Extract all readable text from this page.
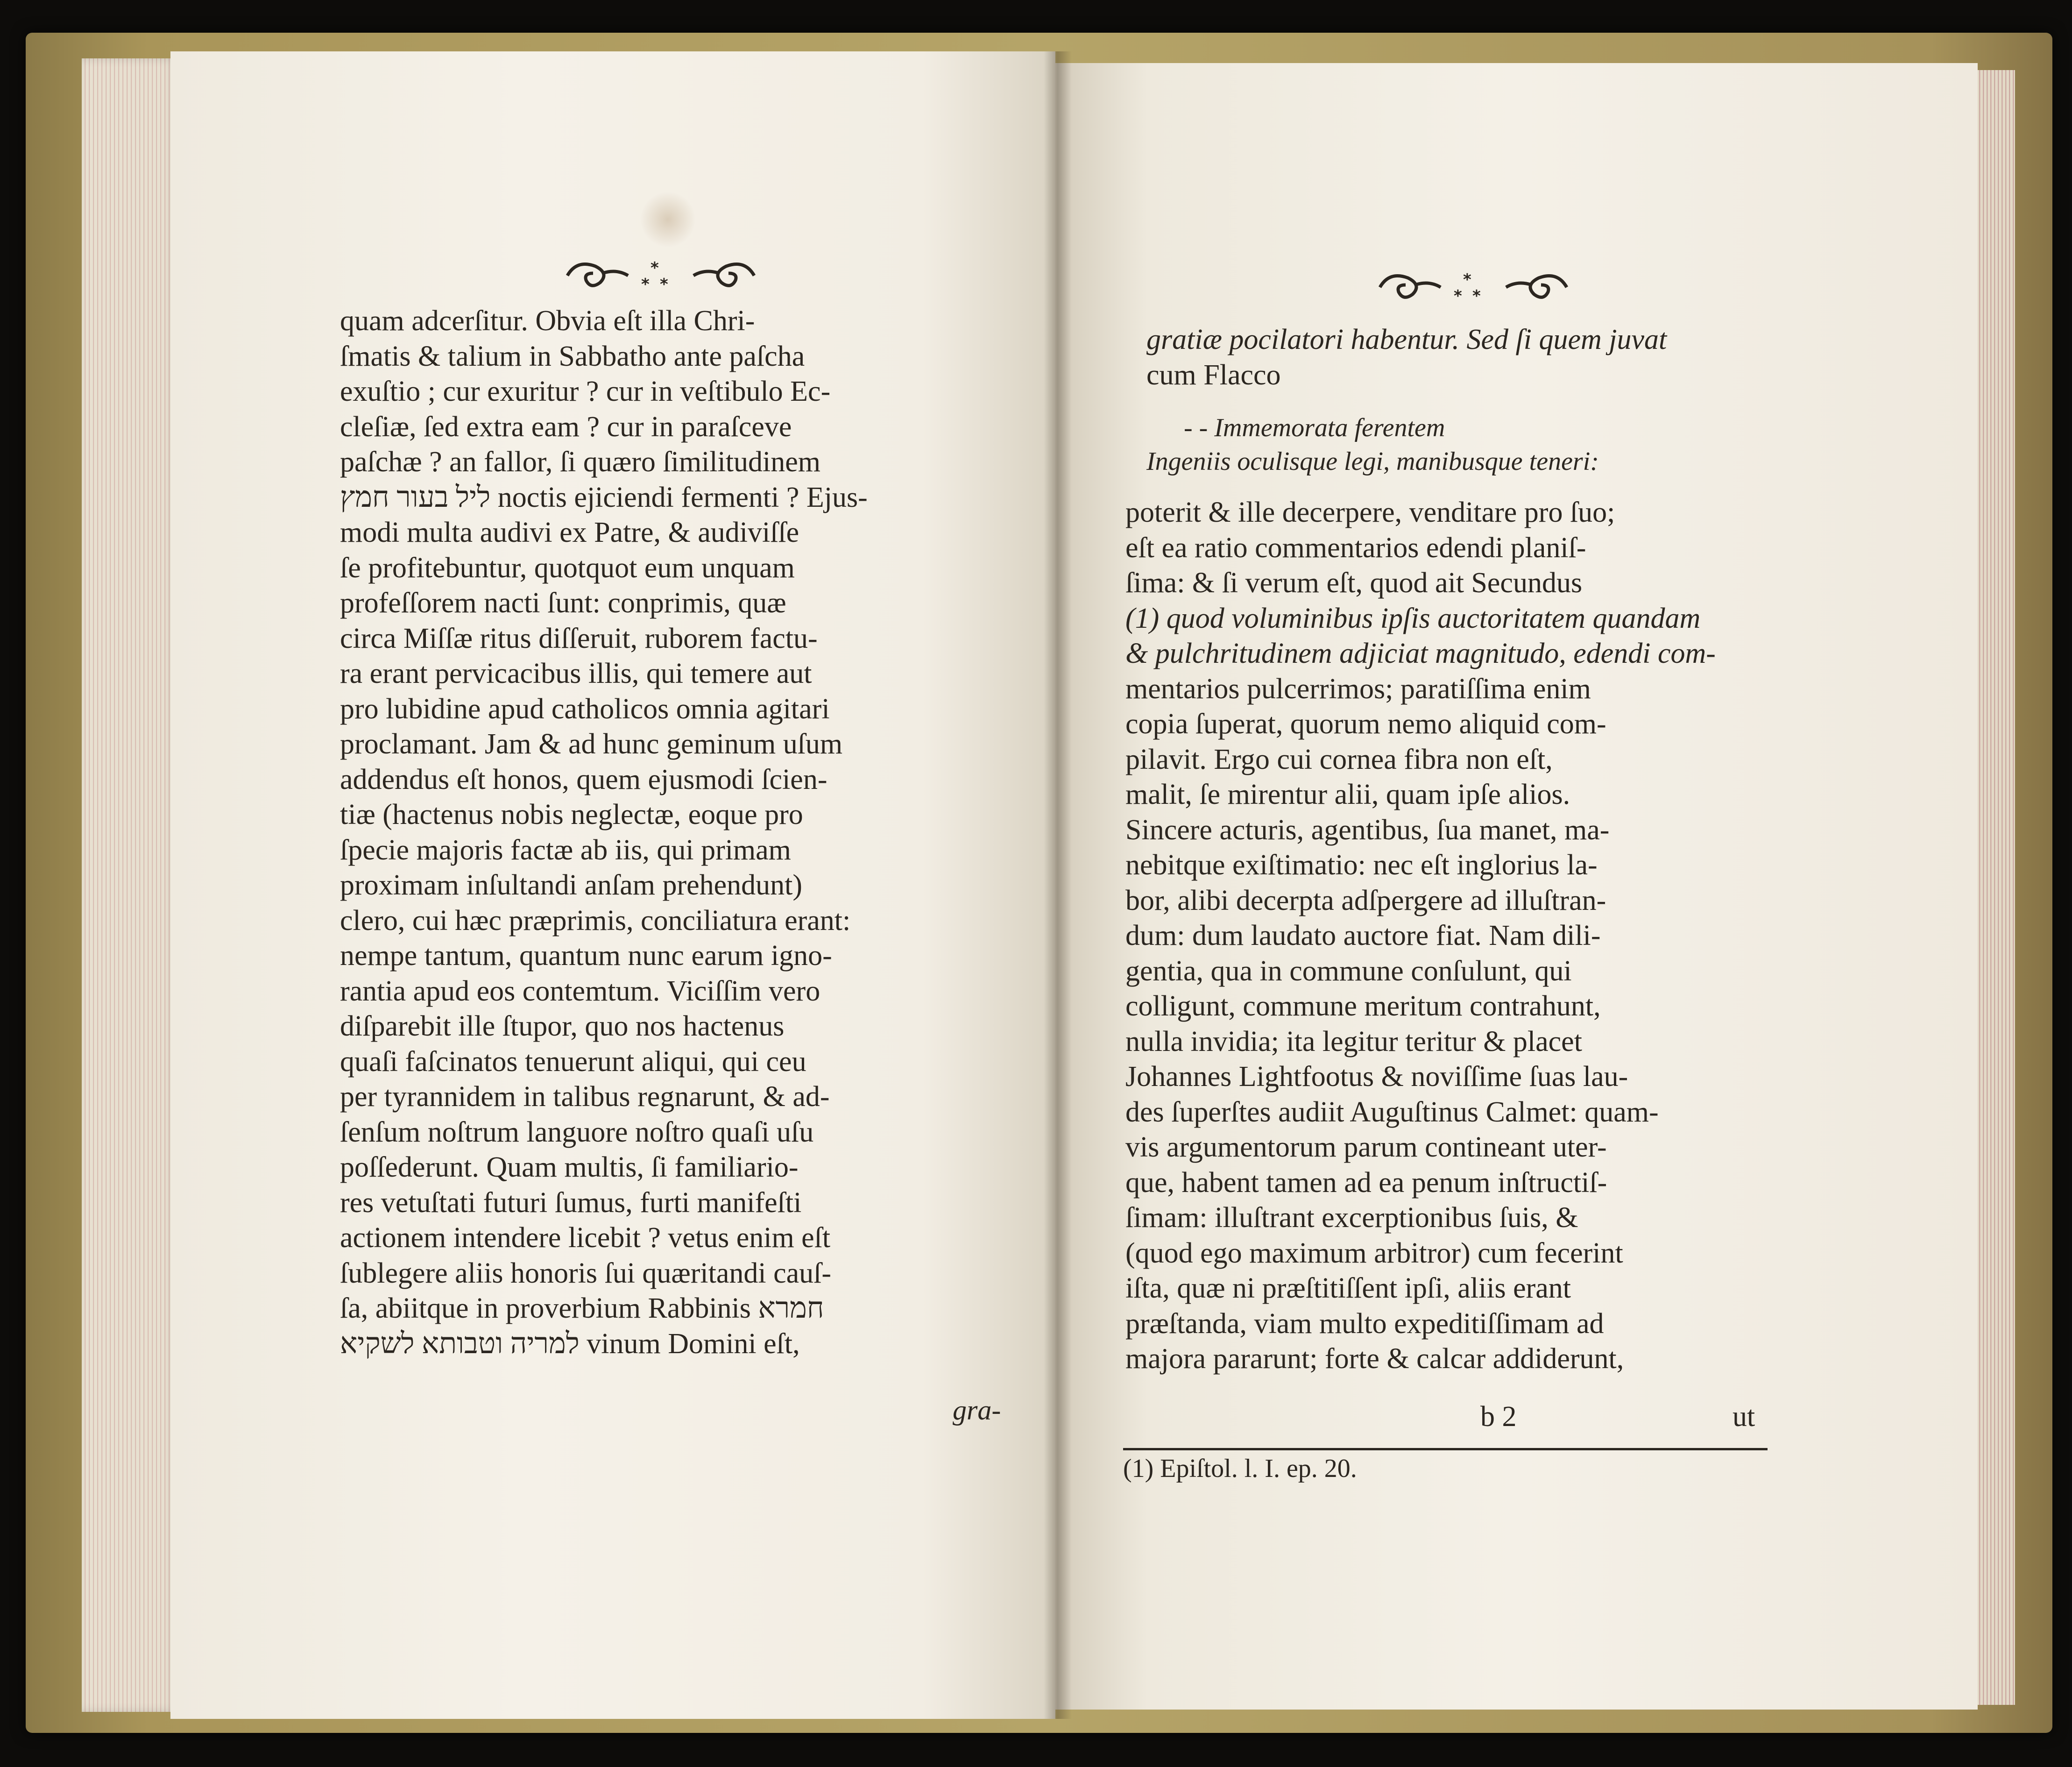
*
* *	*
* *
quam adcerſitur. Obvia eſt illa Chri-
ſmatis & talium in Sabbatho ante paſcha
exuſtio ; cur exuritur ? cur in veſtibulo Ec-
cleſiæ, ſed extra eam ? cur in paraſceve
paſchæ ? an fallor, ſi quæro ſimilitudinem
ליל בעור חמץ noctis ejiciendi fermenti ? Ejus-
modi multa audivi ex Patre, & audiviſſe
ſe profitebuntur, quotquot eum unquam
profeſſorem nacti ſunt: conprimis, quæ
circa Miſſæ ritus diſſeruit, ruborem factu-
ra erant pervicacibus illis, qui temere aut
pro lubidine apud catholicos omnia agitari
proclamant. Jam & ad hunc geminum uſum
addendus eſt honos, quem ejusmodi ſcien-
tiæ (hactenus nobis neglectæ, eoque pro
ſpecie majoris factæ ab iis, qui primam
proximam inſultandi anſam prehendunt)
clero, cui hæc præprimis, conciliatura erant:
nempe tantum, quantum nunc earum igno-
rantia apud eos contemtum. Viciſſim vero
diſparebit ille ſtupor, quo nos hactenus
quaſi faſcinatos tenuerunt aliqui, qui ceu
per tyrannidem in talibus regnarunt, & ad-
ſenſum noſtrum languore noſtro quaſi uſu
poſſederunt. Quam multis, ſi familiario-
res vetuſtati futuri ſumus, furti manifeſti
actionem intendere licebit ? vetus enim eſt
ſublegere aliis honoris ſui quæritandi cauſ-
ſa, abiitque in proverbium Rabbinis חמרא
למריה וטבותא לשקיא vinum Domini eſt,
gra-
gratiæ pocilatori habentur. Sed ſi quem juvat
cum Flacco
- - Immemorata ferentem
Ingeniis oculisque legi, manibusque teneri:
poterit & ille decerpere, venditare pro ſuo;
eſt ea ratio commentarios edendi planiſ-
ſima: & ſi verum eſt, quod ait Secundus
(1) quod voluminibus ipſis auctoritatem quandam
& pulchritudinem adjiciat magnitudo, edendi com-
mentarios pulcerrimos; paratiſſima enim
copia ſuperat, quorum nemo aliquid com-
pilavit. Ergo cui cornea fibra non eſt,
malit, ſe mirentur alii, quam ipſe alios.
Sincere acturis, agentibus, ſua manet, ma-
nebitque exiſtimatio: nec eſt inglorius la-
bor, alibi decerpta adſpergere ad illuſtran-
dum: dum laudato auctore fiat. Nam dili-
gentia, qua in commune conſulunt, qui
colligunt, commune meritum contrahunt,
nulla invidia; ita legitur teritur & placet
Johannes Lightfootus & noviſſime ſuas lau-
des ſuperſtes audiit Auguſtinus Calmet: quam-
vis argumentorum parum contineant uter-
que, habent tamen ad ea penum inſtructiſ-
ſimam: illuſtrant excerptionibus ſuis, &
(quod ego maximum arbitror) cum fecerint
iſta, quæ ni præſtitiſſent ipſi, aliis erant
præſtanda, viam multo expeditiſſimam ad
majora pararunt; forte & calcar addiderunt,
b 2	ut
(1) Epiſtol. l. I. ep. 20.
